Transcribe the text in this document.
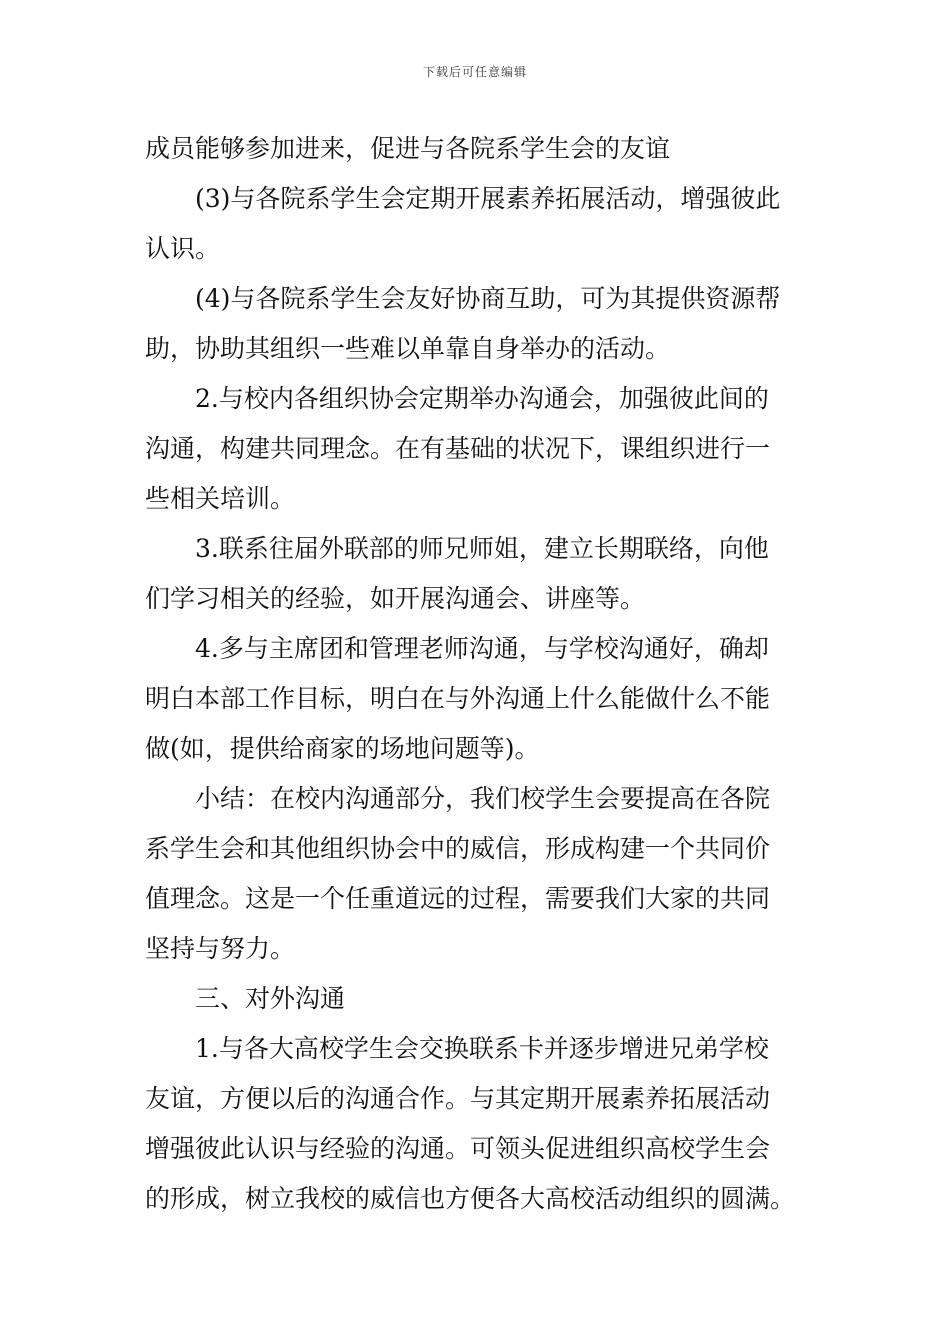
下载后可任意编辑
成员能够参加进来，促进与各院系学生会的友谊
(3)与各院系学生会定期开展素养拓展活动，增强彼此
认识。
(4)与各院系学生会友好协商互助，可为其提供资源帮
助，协助其组织一些难以单靠自身举办的活动。
2.与校内各组织协会定期举办沟通会，加强彼此间的
沟通，构建共同理念。在有基础的状况下，课组织进行一
些相关培训。
3.联系往届外联部的师兄师姐，建立长期联络，向他
们学习相关的经验，如开展沟通会、讲座等。
4.多与主席团和管理老师沟通，与学校沟通好，确却
明白本部工作目标，明白在与外沟通上什么能做什么不能
做(如，提供给商家的场地问题等)。
小结：在校内沟通部分，我们校学生会要提高在各院
系学生会和其他组织协会中的威信，形成构建一个共同价
值理念。这是一个任重道远的过程，需要我们大家的共同
坚持与努力。
三、对外沟通
1.与各大高校学生会交换联系卡并逐步增进兄弟学校
友谊，方便以后的沟通合作。与其定期开展素养拓展活动
增强彼此认识与经验的沟通。可领头促进组织高校学生会
的形成，树立我校的威信也方便各大高校活动组织的圆满。
